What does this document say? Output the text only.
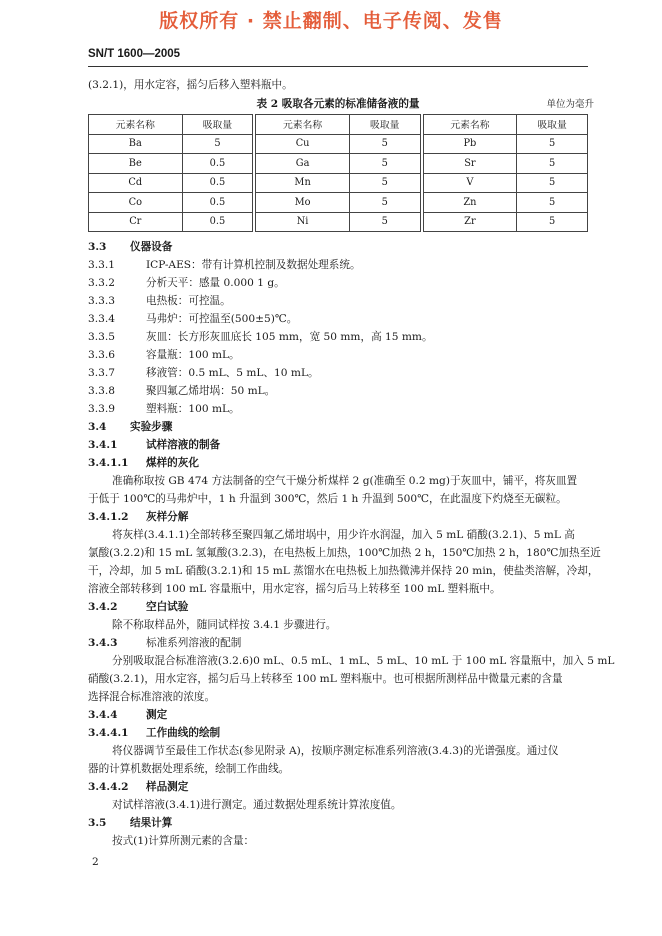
版权所有 · 禁止翻制、电子传阅、发售
SN/T 1600—2005
(3.2.1)，用水定容，摇匀后移入塑料瓶中。
表 2 吸取各元素的标准储备液的量	单位为毫升
元素名称	吸取量		元素名称	吸取量		元素名称	吸取量
Ba	5		Cu	5		Pb	5
Be	0.5		Ga	5		Sr	5
Cd	0.5		Mn	5		V	5
Co	0.5		Mo	5		Zn	5
Cr	0.5		Ni	5		Zr	5
3.3 仪器设备
3.3.1	ICP-AES：带有计算机控制及数据处理系统。
3.3.2	分析天平：感量 0.000 1 g。
3.3.3	电热板：可控温。
3.3.4	马弗炉：可控温至(500±5)℃。
3.3.5	灰皿：长方形灰皿底长 105 mm，宽 50 mm，高 15 mm。
3.3.6	容量瓶：100 mL。
3.3.7	移液管：0.5 mL、5 mL、10 mL。
3.3.8	聚四氟乙烯坩埚：50 mL。
3.3.9	塑料瓶：100 mL。
3.4 实验步骤
3.4.1	试样溶液的制备
3.4.1.1 煤样的灰化
准确称取按 GB 474 方法制备的空气干燥分析煤样 2 g(准确至 0.2 mg)于灰皿中，铺平，将灰皿置
于低于 100℃的马弗炉中，1 h 升温到 300℃，然后 1 h 升温到 500℃，在此温度下灼烧至无碳粒。
3.4.1.2 灰样分解
将灰样(3.4.1.1)全部转移至聚四氟乙烯坩埚中，用少许水润湿，加入 5 mL 硝酸(3.2.1)、5 mL 高
氯酸(3.2.2)和 15 mL 氢氟酸(3.2.3)，在电热板上加热，100℃加热 2 h，150℃加热 2 h，180℃加热至近
干，冷却，加 5 mL 硝酸(3.2.1)和 15 mL 蒸馏水在电热板上加热微沸并保持 20 min，使盐类溶解，冷却，
溶液全部转移到 100 mL 容量瓶中，用水定容，摇匀后马上转移至 100 mL 塑料瓶中。
3.4.2	空白试验
除不称取样品外，随同试样按 3.4.1 步骤进行。
3.4.3	标准系列溶液的配制
分别吸取混合标准溶液(3.2.6)0 mL、0.5 mL、1 mL、5 mL、10 mL 于 100 mL 容量瓶中，加入 5 mL
硝酸(3.2.1)，用水定容，摇匀后马上转移至 100 mL 塑料瓶中。也可根据所测样品中微量元素的含量
选择混合标准溶液的浓度。
3.4.4	测定
3.4.4.1 工作曲线的绘制
将仪器调节至最佳工作状态(参见附录 A)，按顺序测定标准系列溶液(3.4.3)的光谱强度。通过仪
器的计算机数据处理系统，绘制工作曲线。
3.4.4.2 样品测定
对试样溶液(3.4.1)进行测定。通过数据处理系统计算浓度值。
3.5 结果计算
按式(1)计算所测元素的含量：
2
